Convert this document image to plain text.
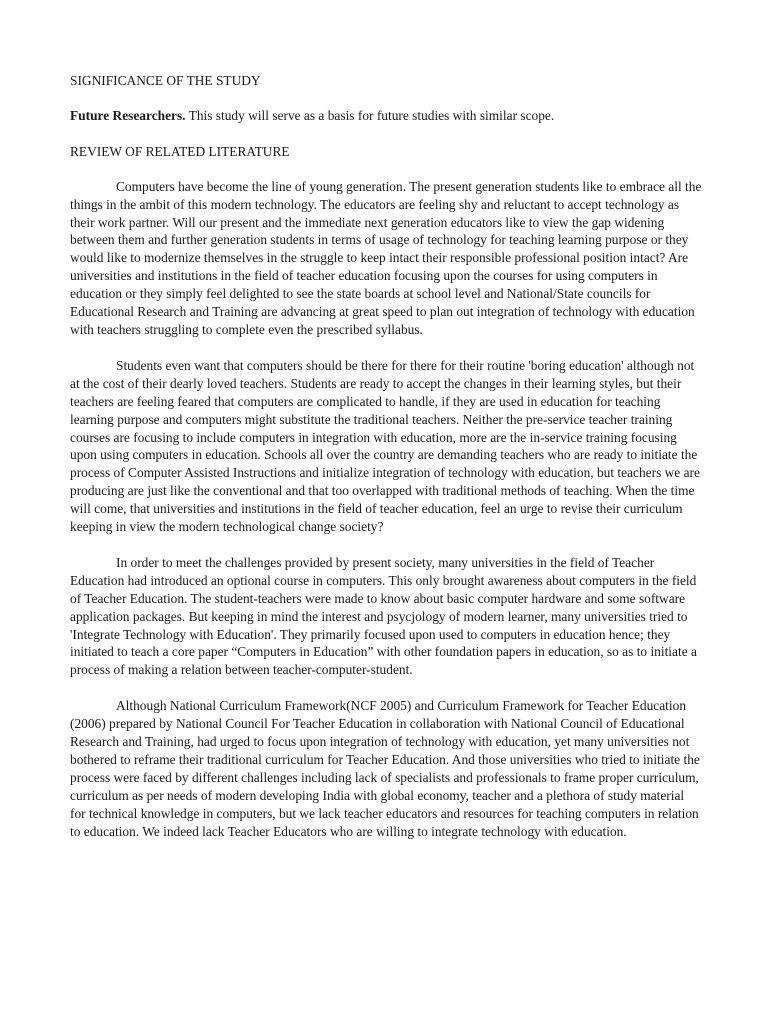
SIGNIFICANCE OF THE STUDY

Future Researchers. This study will serve as a basis for future studies with similar scope.

REVIEW OF RELATED LITERATURE

Computers have become the line of young generation. The present generation students like to embrace all the things in the ambit of this modern technology. The educators are feeling shy and reluctant to accept technology as their work partner. Will our present and the immediate next generation educators like to view the gap widening between them and further generation students in terms of usage of technology for teaching learning purpose or they would like to modernize themselves in the struggle to keep intact their responsible professional position intact? Are universities and institutions in the field of teacher education focusing upon the courses for using computers in education or they simply feel delighted to see the state boards at school level and National/State councils for Educational Research and Training are advancing at great speed to plan out integration of technology with education with teachers struggling to complete even the prescribed syllabus.

Students even want that computers should be there for there for their routine 'boring education' although not at the cost of their dearly loved teachers. Students are ready to accept the changes in their learning styles, but their teachers are feeling feared that computers are complicated to handle, if they are used in education for teaching learning purpose and computers might substitute the traditional teachers. Neither the pre-service teacher training courses are focusing to include computers in integration with education, more are the in-service training focusing upon using computers in education. Schools all over the country are demanding teachers who are ready to initiate the process of Computer Assisted Instructions and initialize integration of technology with education, but teachers we are producing are just like the conventional and that too overlapped with traditional methods of teaching. When the time will come, that universities and institutions in the field of teacher education, feel an urge to revise their curriculum keeping in view the modern technological change society?

In order to meet the challenges provided by present society, many universities in the field of Teacher Education had introduced an optional course in computers. This only brought awareness about computers in the field of Teacher Education. The student-teachers were made to know about basic computer hardware and some software application packages. But keeping in mind the interest and psycjology of modern learner, many universities tried to 'Integrate Technology with Education'. They primarily focused upon used to computers in education hence; they initiated to teach a core paper “Computers in Education” with other foundation papers in education, so as to initiate a process of making a relation between teacher-computer-student.

Although National Curriculum Framework(NCF 2005) and Curriculum Framework for Teacher Education (2006) prepared by National Council For Teacher Education in collaboration with National Council of Educational Research and Training, had urged to focus upon integration of technology with education, yet many universities not bothered to reframe their traditional curriculum for Teacher Education. And those universities who tried to initiate the process were faced by different challenges including lack of specialists and professionals to frame proper curriculum, curriculum as per needs of modern developing India with global economy, teacher and a plethora of study material for technical knowledge in computers, but we lack teacher educators and resources for teaching computers in relation to education. We indeed lack Teacher Educators who are willing to integrate technology with education.
